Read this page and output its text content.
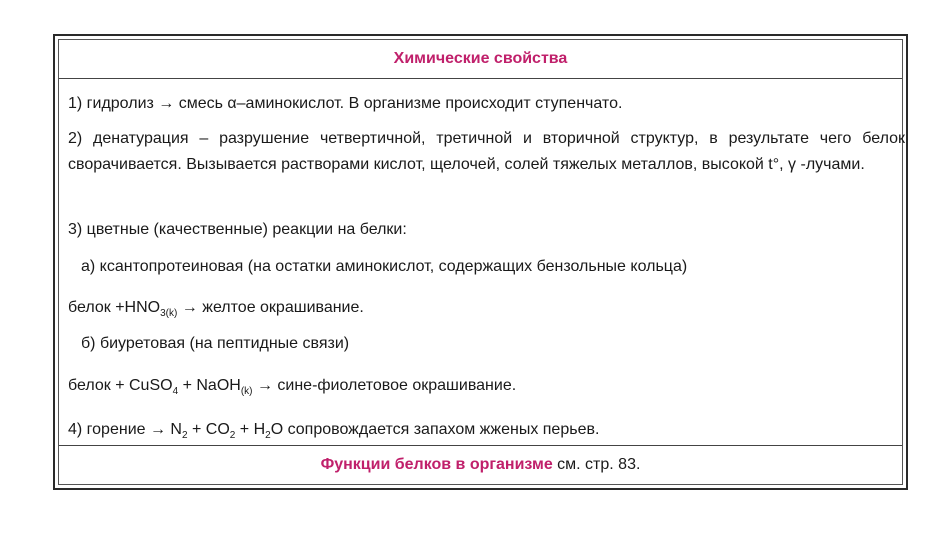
Химические свойства
1) гидролиз → смесь α–аминокислот. В организме происходит ступенчато.
2) денатурация – разрушение четвертичной, третичной и вторичной структур, в результате чего белок сворачивается. Вызывается растворами кислот, щелочей, солей тяжелых металлов, высокой t°, γ -лучами.
3) цветные (качественные) реакции на белки:
а) ксантопротеиновая (на остатки аминокислот, содержащих бензольные кольца)
белок $+HNO_{3(k)}$ → желтое окрашивание.
б) биуретовая (на пептидные связи)
белок + CuSO$_4$ + NaOH$_{(k)}$ → сине-фиолетовое окрашивание.
4) горение → $N_2 + CO_2 + H_2O$ сопровождается запахом жженых перьев.
Функции белков в организме см. стр. 83.
